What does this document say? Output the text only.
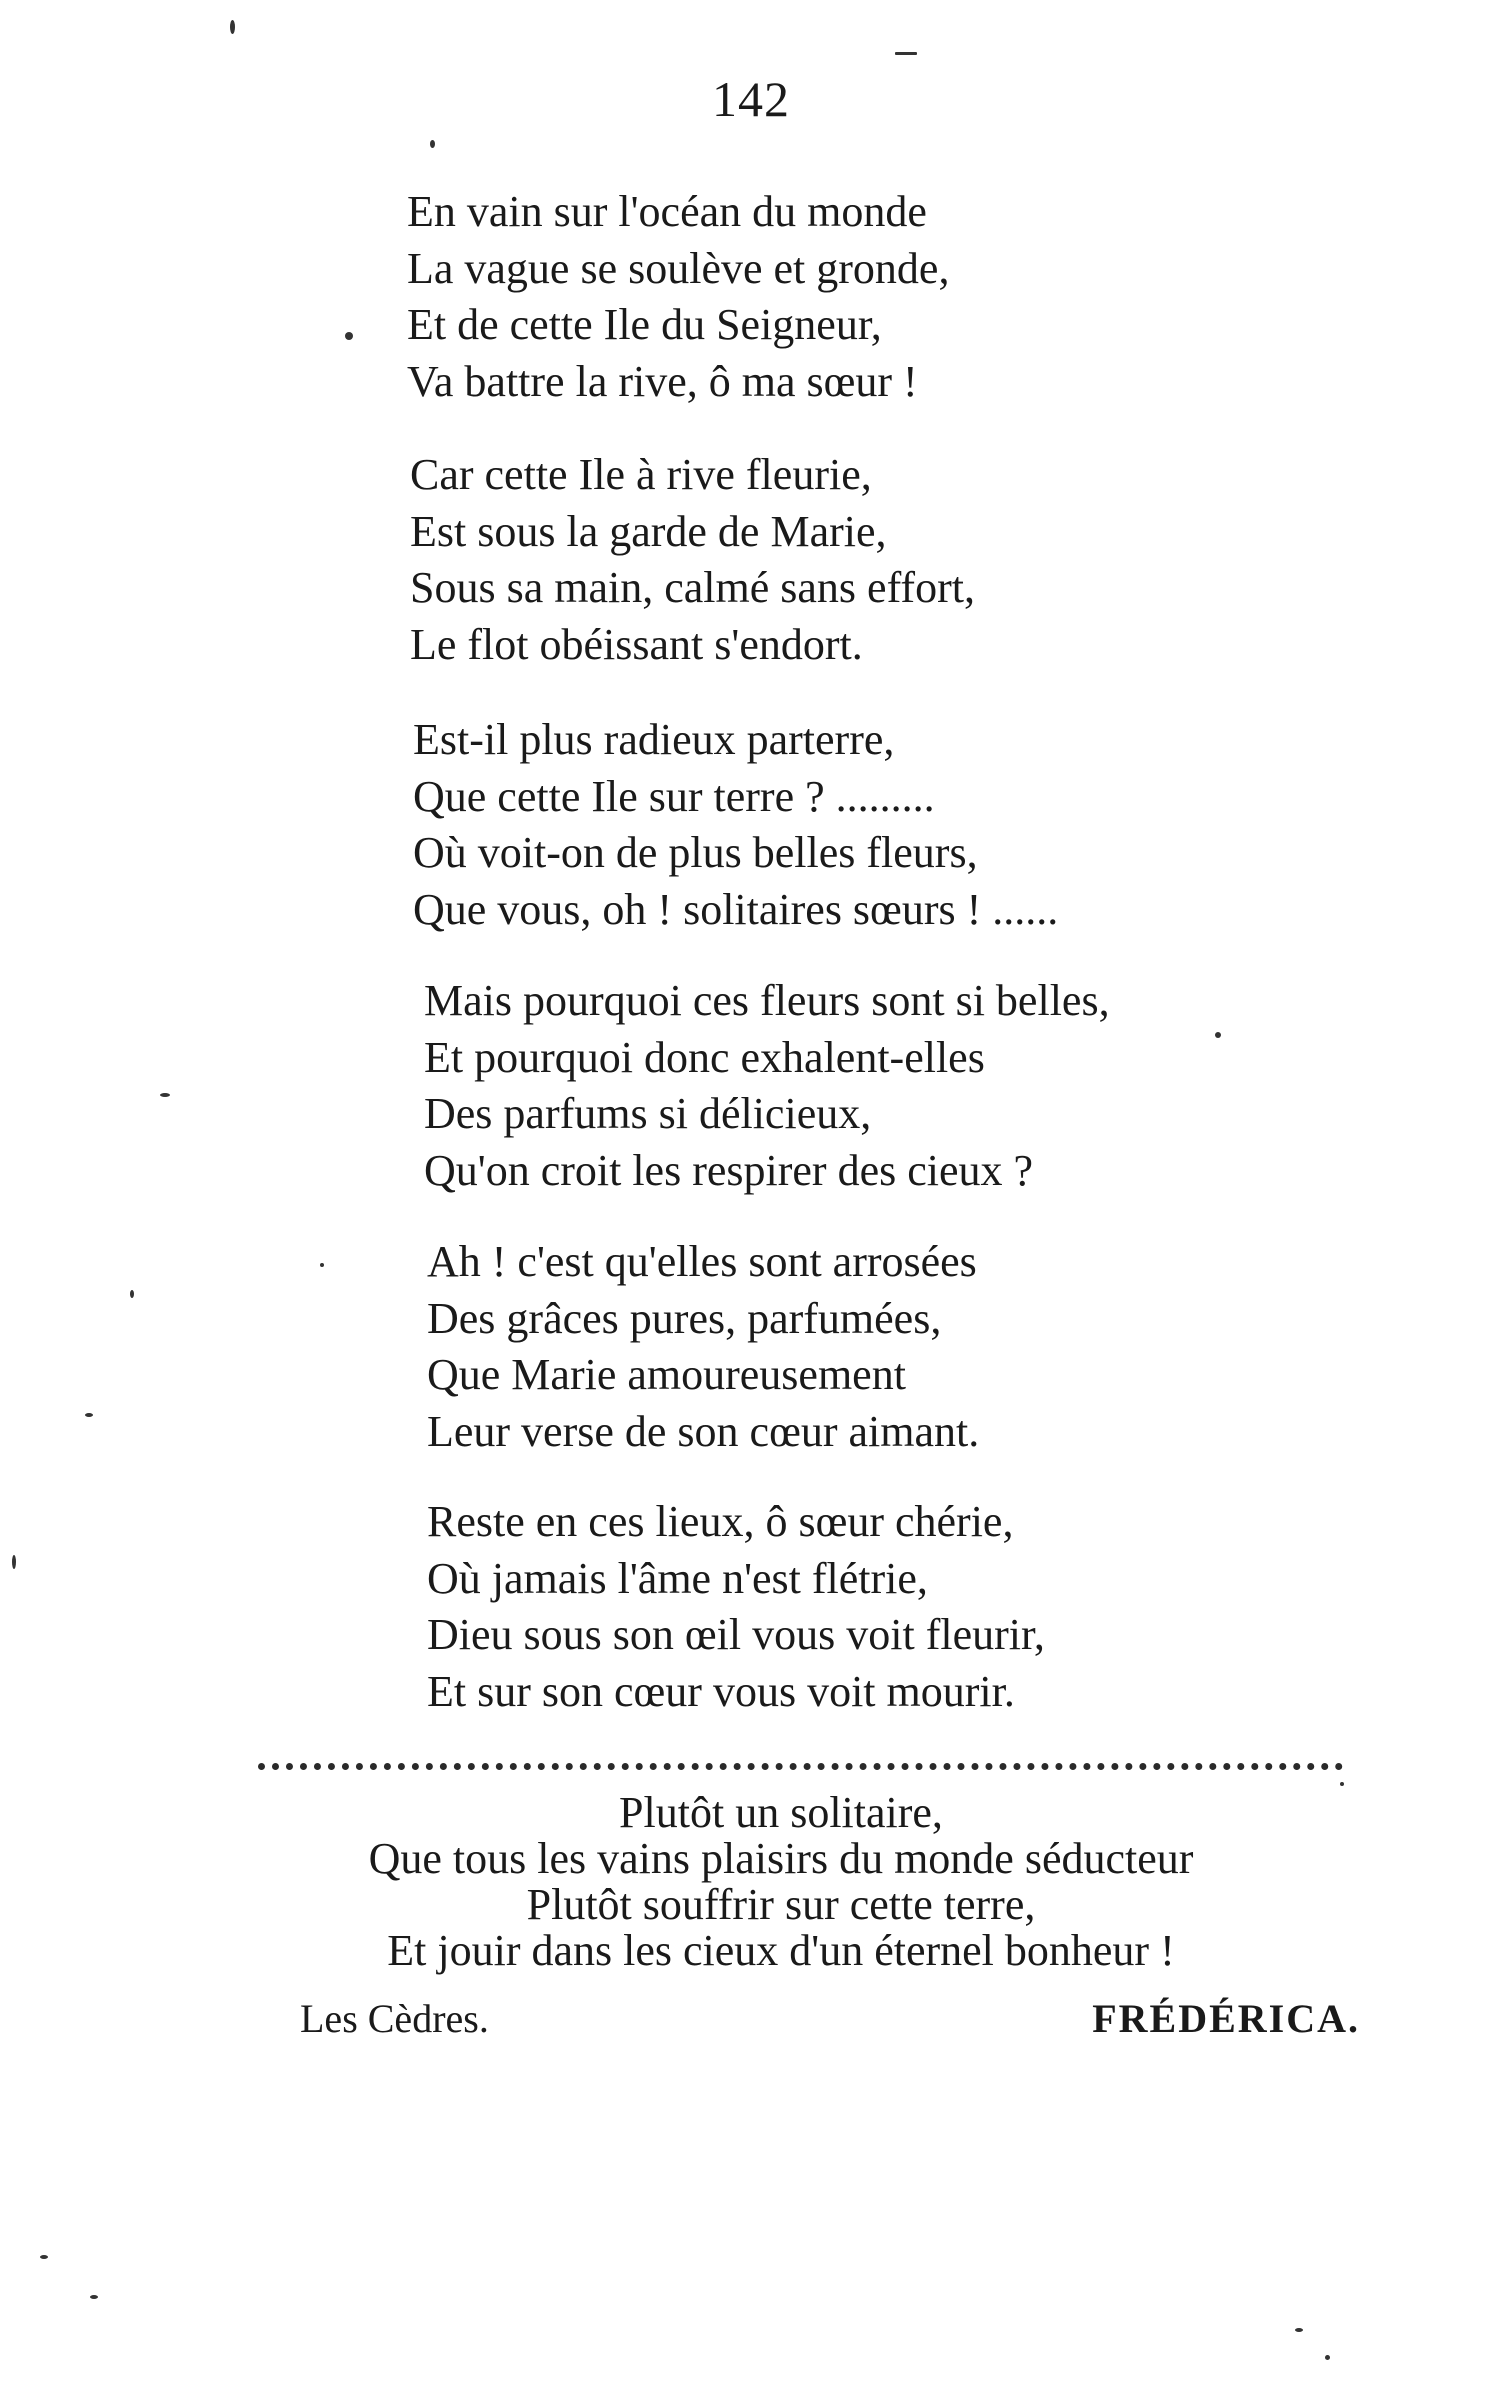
142
En vain sur l'océan du monde
La vague se soulève et gronde,
Et de cette Ile du Seigneur,
Va battre la rive, ô ma sœur !
Car cette Ile à rive fleurie,
Est sous la garde de Marie,
Sous sa main, calmé sans effort,
Le flot obéissant s'endort.
Est-il plus radieux parterre,
Que cette Ile sur terre ? .........
Où voit-on de plus belles fleurs,
Que vous, oh ! solitaires sœurs ! ......
Mais pourquoi ces fleurs sont si belles,
Et pourquoi donc exhalent-elles
Des parfums si délicieux,
Qu'on croit les respirer des cieux ?
Ah ! c'est qu'elles sont arrosées
Des grâces pures, parfumées,
Que Marie amoureusement
Leur verse de son cœur aimant.
Reste en ces lieux, ô sœur chérie,
Où jamais l'âme n'est flétrie,
Dieu sous son œil vous voit fleurir,
Et sur son cœur vous voit mourir.
Plutôt un solitaire,
Que tous les vains plaisirs du monde séducteur
Plutôt souffrir sur cette terre,
Et jouir dans les cieux d'un éternel bonheur !
Les Cèdres.	FRÉDÉRICA.
